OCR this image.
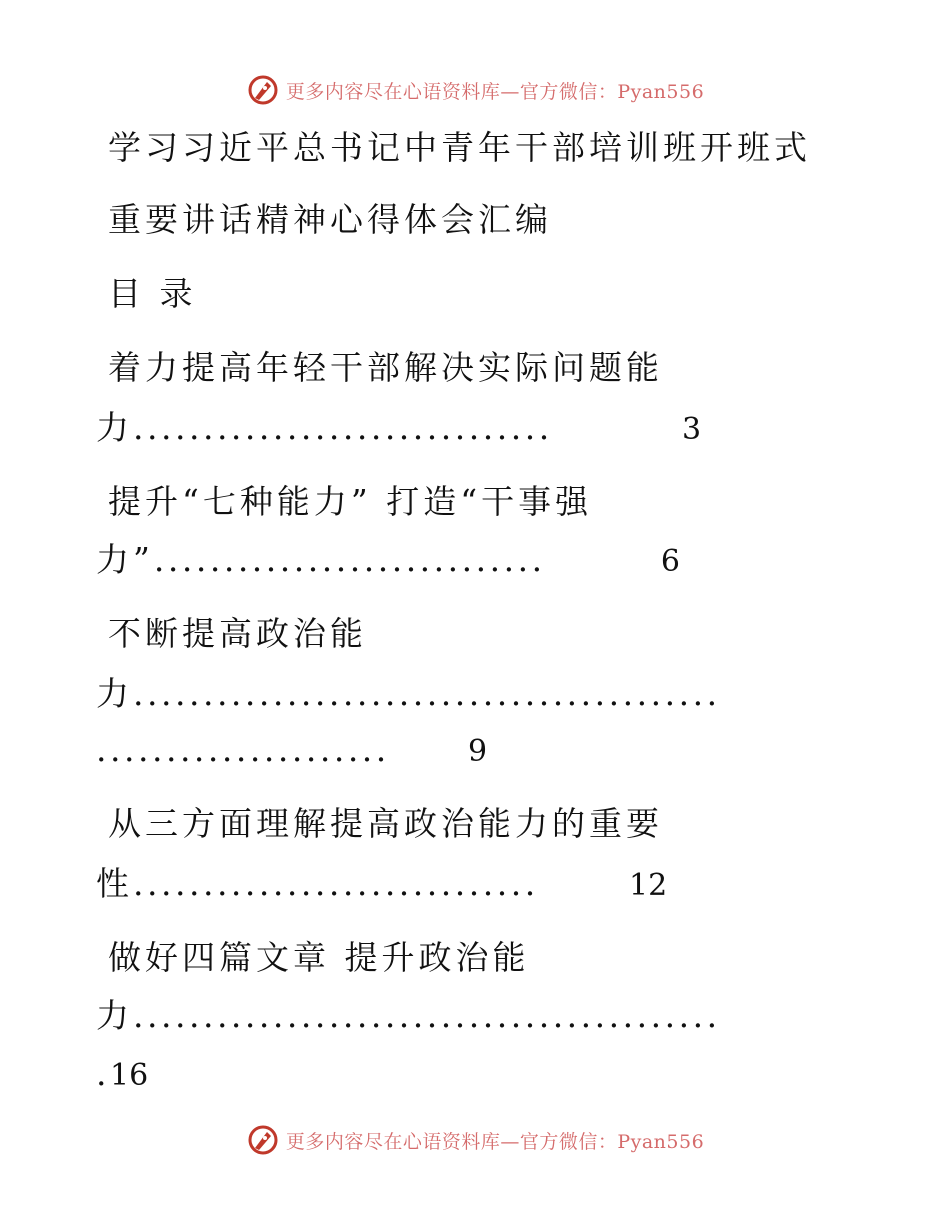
更多内容尽在心语资料库—官方微信：Pyan556
学习习近平总书记中青年干部培训班开班式
重要讲话精神心得体会汇编
目 录
着力提高年轻干部解决实际问题能
力 ..............................	3
提升“七种能力” 打造“干事强
力” ............................	6
不断提高政治能
力 ..........................................
.....................	9
从三方面理解提高政治能力的重要
性 .............................	12
做好四篇文章 提升政治能
力 ..........................................
. 16
更多内容尽在心语资料库—官方微信：Pyan556
